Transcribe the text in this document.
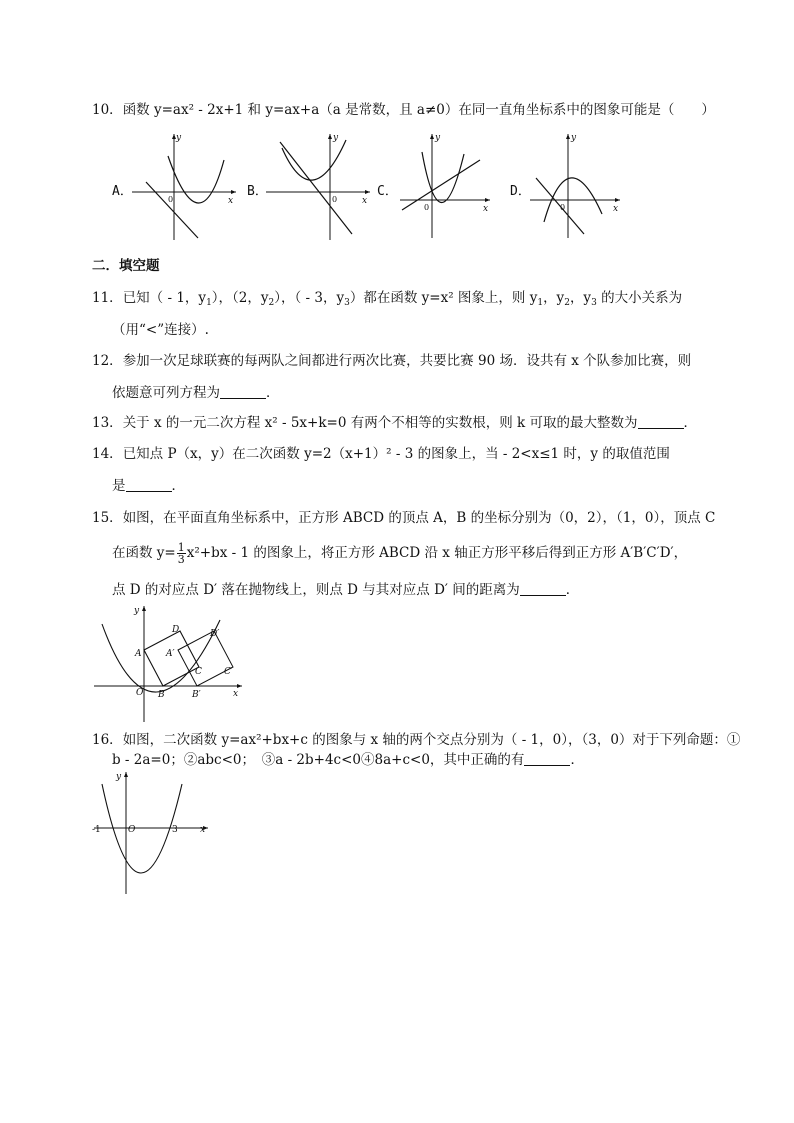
10．函数 y=ax² - 2x+1 和 y=ax+a（a 是常数，且 a≠0）在同一直角坐标系中的图象可能是（　　）
A．
y
x
0
B．
y
x
0
C．
y
x
0
D．
y
x
0
二．填空题
11．已知（ - 1，$y_1$），（2，$y_2$），（ - 3，$y_3$）都在函数 y=x² 图象上，则 $y_1$，$y_2$，$y_3$ 的大小关系为
（用“<”连接）.
12．参加一次足球联赛的每两队之间都进行两次比赛，共要比赛 90 场．设共有 x 个队参加比赛，则
依题意可列方程为	．
13．关于 x 的一元二次方程 x² - 5x+k=0 有两个不相等的实数根，则 k 可取的最大整数为	．
14．已知点 P（x，y）在二次函数 y=2（x+1）² - 3 的图象上，当 - 2<x≤1 时，y 的取值范围
是	．
15．如图，在平面直角坐标系中，正方形 ABCD 的顶点 A，B 的坐标分别为（0，2），（1，0），顶点 C
在函数 $y= \frac{1}{3} x^2+bx - 1$ 的图象上，将正方形 ABCD 沿 x 轴正方形平移后得到正方形 A′B′C′D′，
点 D 的对应点 D′ 落在抛物线上，则点 D 与其对应点 D′ 间的距离为	．
y
x
O
A
B
C
D
A′
B′
C′
D′
16．如图，二次函数 y=ax²+bx+c 的图象与 x 轴的两个交点分别为（ - 1，0），（3，0）对于下列命题：①
b - 2a=0；②abc<0；　③a - 2b+4c<0④8a+c<0，其中正确的有	．
y
x
O
-1	3
